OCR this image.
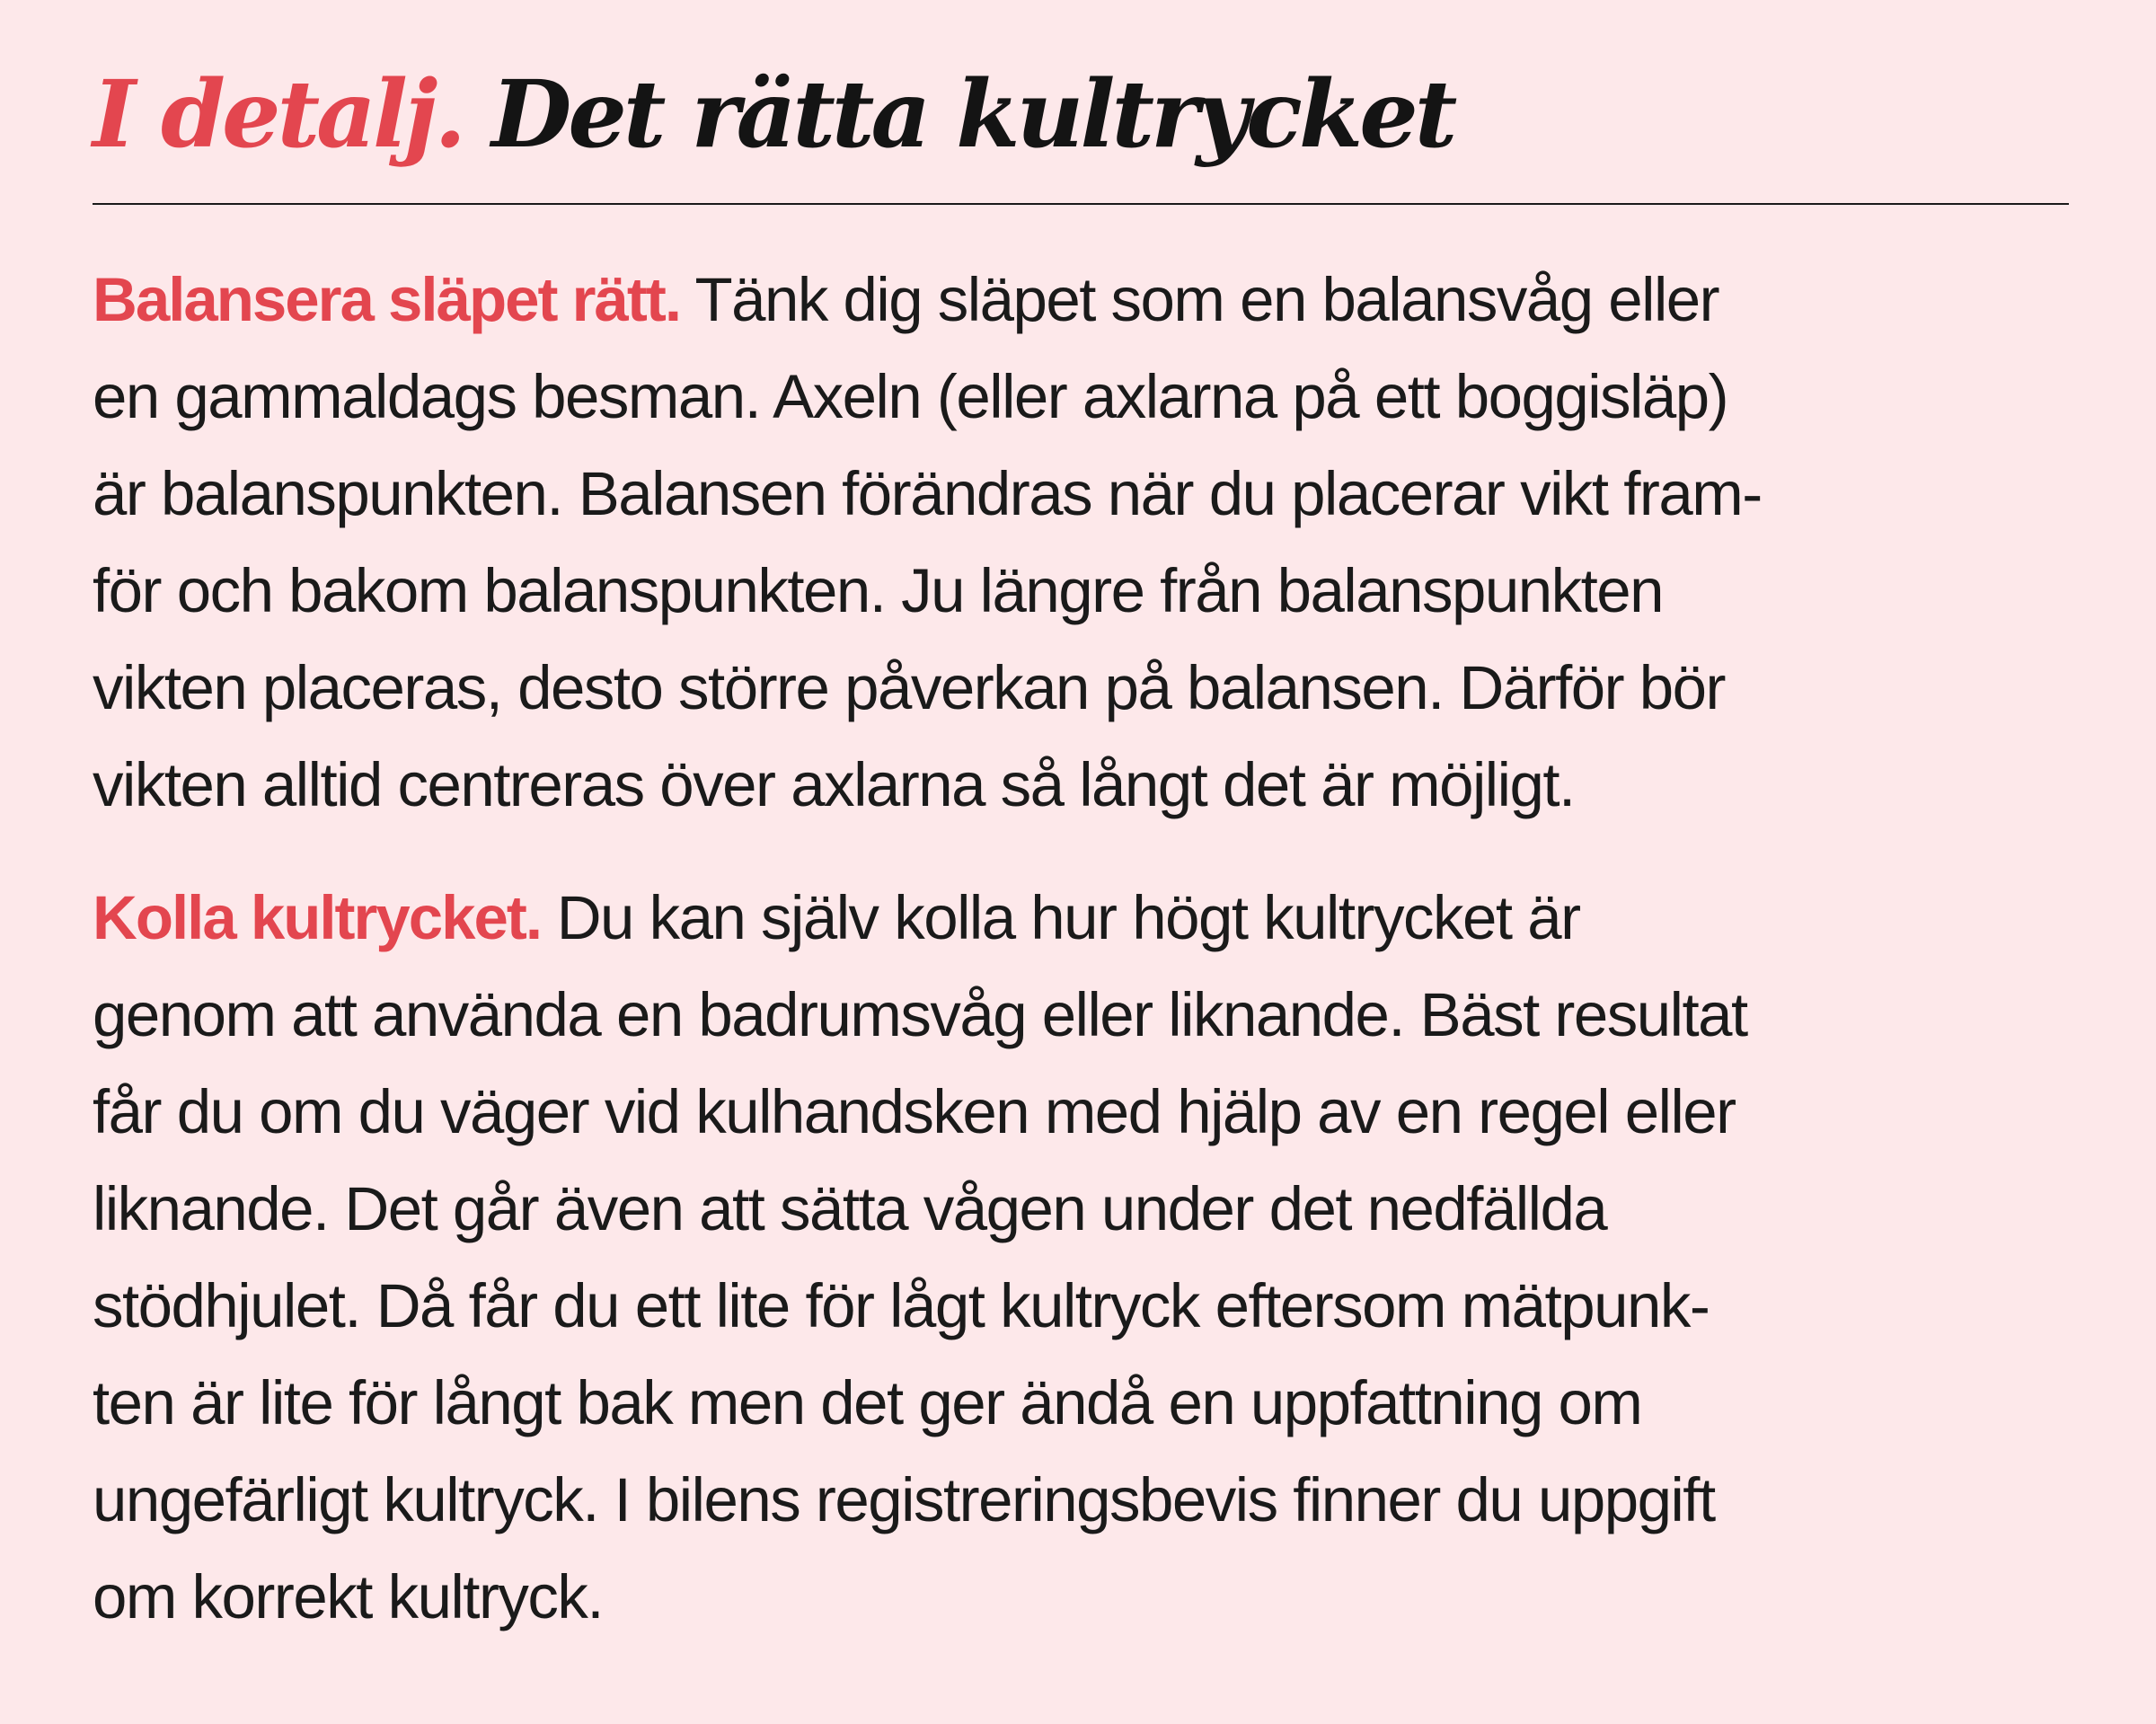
I detalj. Det rätta kultrycket

Balansera släpet rätt. Tänk dig släpet som en balansvåg eller
en gammaldags besman. Axeln (eller axlarna på ett boggisläp)
är balanspunkten. Balansen förändras när du placerar vikt fram-
för och bakom balanspunkten. Ju längre från balanspunkten
vikten placeras, desto större påverkan på balansen. Därför bör
vikten alltid centreras över axlarna så långt det är möjligt.

Kolla kultrycket. Du kan själv kolla hur högt kultrycket är
genom att använda en badrumsvåg eller liknande. Bäst resultat
får du om du väger vid kulhandsken med hjälp av en regel eller
liknande. Det går även att sätta vågen under det nedfällda
stödhjulet. Då får du ett lite för lågt kultryck eftersom mätpunk-
ten är lite för långt bak men det ger ändå en uppfattning om
ungefärligt kultryck. I bilens registreringsbevis finner du uppgift
om korrekt kultryck.
